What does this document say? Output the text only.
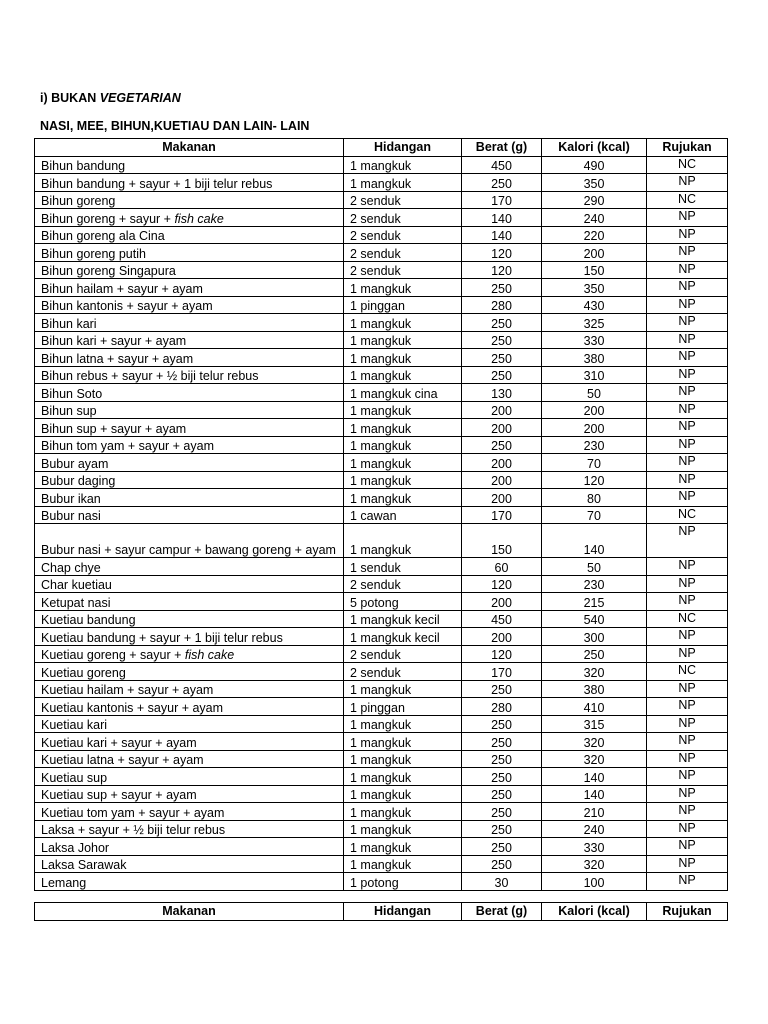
i) BUKAN VEGETARIAN
NASI, MEE, BIHUN,KUETIAU DAN LAIN- LAIN
Makanan	Hidangan	Berat (g)	Kalori (kcal)	Rujukan
Bihun bandung	1 mangkuk	450	490	NC
Bihun bandung + sayur + 1 biji telur rebus	1 mangkuk	250	350	NP
Bihun goreng	2 senduk	170	290	NC
Bihun goreng + sayur + fish cake	2 senduk	140	240	NP
Bihun goreng ala Cina	2 senduk	140	220	NP
Bihun goreng putih	2 senduk	120	200	NP
Bihun goreng Singapura	2 senduk	120	150	NP
Bihun hailam + sayur + ayam	1 mangkuk	250	350	NP
Bihun kantonis + sayur + ayam	1 pinggan	280	430	NP
Bihun kari	1 mangkuk	250	325	NP
Bihun kari + sayur + ayam	1 mangkuk	250	330	NP
Bihun latna + sayur + ayam	1 mangkuk	250	380	NP
Bihun rebus + sayur + ½ biji telur rebus	1 mangkuk	250	310	NP
Bihun Soto	1 mangkuk cina	130	50	NP
Bihun sup	1 mangkuk	200	200	NP
Bihun sup + sayur + ayam	1 mangkuk	200	200	NP
Bihun tom yam + sayur + ayam	1 mangkuk	250	230	NP
Bubur ayam	1 mangkuk	200	70	NP
Bubur daging	1 mangkuk	200	120	NP
Bubur ikan	1 mangkuk	200	80	NP
Bubur nasi	1 cawan	170	70	NC
Bubur nasi + sayur campur + bawang goreng + ayam	1 mangkuk	150	140	NP
Chap chye	1 senduk	60	50	NP
Char kuetiau	2 senduk	120	230	NP
Ketupat nasi	5 potong	200	215	NP
Kuetiau bandung	1 mangkuk kecil	450	540	NC
Kuetiau bandung + sayur + 1 biji telur rebus	1 mangkuk kecil	200	300	NP
Kuetiau goreng + sayur + fish cake	2 senduk	120	250	NP
Kuetiau goreng	2 senduk	170	320	NC
Kuetiau hailam + sayur + ayam	1 mangkuk	250	380	NP
Kuetiau kantonis + sayur + ayam	1 pinggan	280	410	NP
Kuetiau kari	1 mangkuk	250	315	NP
Kuetiau kari + sayur + ayam	1 mangkuk	250	320	NP
Kuetiau latna + sayur + ayam	1 mangkuk	250	320	NP
Kuetiau sup	1 mangkuk	250	140	NP
Kuetiau sup + sayur + ayam	1 mangkuk	250	140	NP
Kuetiau tom yam + sayur + ayam	1 mangkuk	250	210	NP
Laksa + sayur + ½ biji telur rebus	1 mangkuk	250	240	NP
Laksa Johor	1 mangkuk	250	330	NP
Laksa Sarawak	1 mangkuk	250	320	NP
Lemang	1 potong	30	100	NP
Makanan	Hidangan	Berat (g)	Kalori (kcal)	Rujukan
